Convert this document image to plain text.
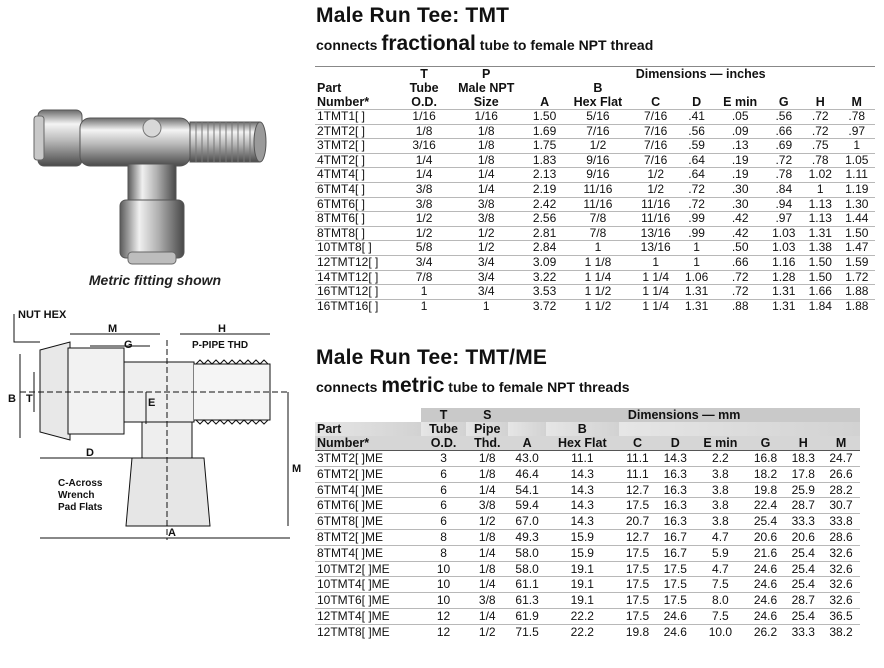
Metric fitting shown
NUT HEX
M	H
G	P-PIPE THD
B T	E
D
C-Across
Wrench
Pad Flats
A
M
Male Run Tee: TMT
connects fractional tube to female NPT thread
	T	P	Dimensions — inches							
Part	Tube	Male NPT		B						
Number*	O.D.	Size	A	Hex Flat	C	D	E min	G	H	M
1TMT1[ ]	1/16	1/16	1.50	5/16	7/16	.41	.05	.56	.72	.78
2TMT2[ ]	1/8	1/8	1.69	7/16	7/16	.56	.09	.66	.72	.97
3TMT2[ ]	3/16	1/8	1.75	1/2	7/16	.59	.13	.69	.75	1
4TMT2[ ]	1/4	1/8	1.83	9/16	7/16	.64	.19	.72	.78	1.05
4TMT4[ ]	1/4	1/4	2.13	9/16	1/2	.64	.19	.78	1.02	1.11
6TMT4[ ]	3/8	1/4	2.19	11/16	1/2	.72	.30	.84	1	1.19
6TMT6[ ]	3/8	3/8	2.42	11/16	11/16	.72	.30	.94	1.13	1.30
8TMT6[ ]	1/2	3/8	2.56	7/8	11/16	.99	.42	.97	1.13	1.44
8TMT8[ ]	1/2	1/2	2.81	7/8	13/16	.99	.42	1.03	1.31	1.50
10TMT8[ ]	5/8	1/2	2.84	1	13/16	1	.50	1.03	1.38	1.47
12TMT12[ ]	3/4	3/4	3.09	1 1/8	1	1	.66	1.16	1.50	1.59
14TMT12[ ]	7/8	3/4	3.22	1 1/4	1 1/4	1.06	.72	1.28	1.50	1.72
16TMT12[ ]	1	3/4	3.53	1 1/2	1 1/4	1.31	.72	1.31	1.66	1.88
16TMT16[ ]	1	1	3.72	1 1/2	1 1/4	1.31	.88	1.31	1.84	1.88
Male Run Tee: TMT/ME
connects metric tube to female NPT threads
	T	S	Dimensions — mm							
Part	Tube	Pipe		B						
Number*	O.D.	Thd.	A	Hex Flat	C	D	E min	G	H	M
3TMT2[ ]ME	3	1/8	43.0	11.1	11.1	14.3	2.2	16.8	18.3	24.7
6TMT2[ ]ME	6	1/8	46.4	14.3	11.1	16.3	3.8	18.2	17.8	26.6
6TMT4[ ]ME	6	1/4	54.1	14.3	12.7	16.3	3.8	19.8	25.9	28.2
6TMT6[ ]ME	6	3/8	59.4	14.3	17.5	16.3	3.8	22.4	28.7	30.7
6TMT8[ ]ME	6	1/2	67.0	14.3	20.7	16.3	3.8	25.4	33.3	33.8
8TMT2[ ]ME	8	1/8	49.3	15.9	12.7	16.7	4.7	20.6	20.6	28.6
8TMT4[ ]ME	8	1/4	58.0	15.9	17.5	16.7	5.9	21.6	25.4	32.6
10TMT2[ ]ME	10	1/8	58.0	19.1	17.5	17.5	4.7	24.6	25.4	32.6
10TMT4[ ]ME	10	1/4	61.1	19.1	17.5	17.5	7.5	24.6	25.4	32.6
10TMT6[ ]ME	10	3/8	61.3	19.1	17.5	17.5	8.0	24.6	28.7	32.6
12TMT4[ ]ME	12	1/4	61.9	22.2	17.5	24.6	7.5	24.6	25.4	36.5
12TMT8[ ]ME	12	1/2	71.5	22.2	19.8	24.6	10.0	26.2	33.3	38.2
